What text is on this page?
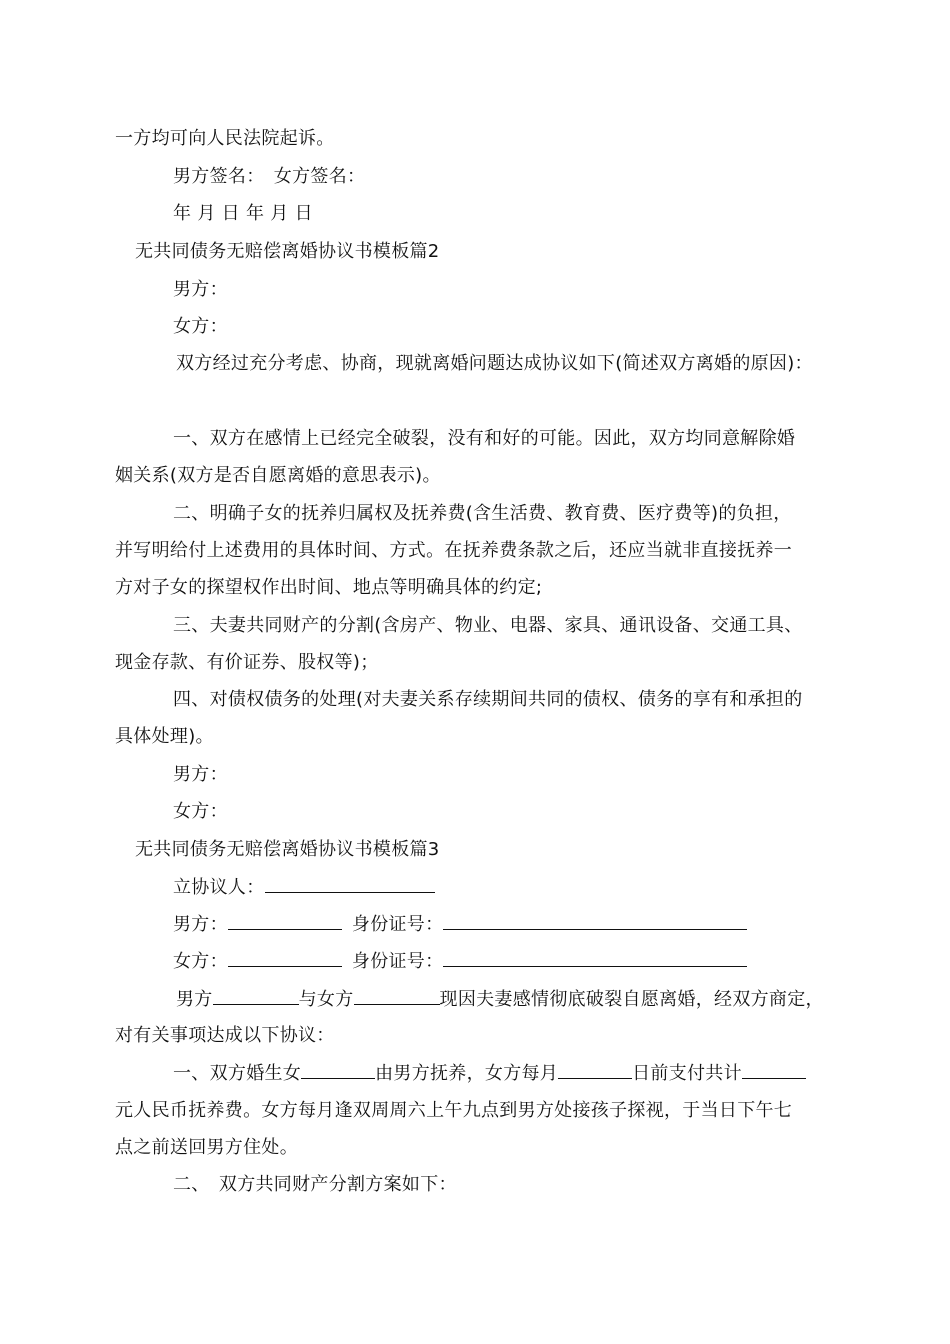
一方均可向人民法院起诉。
男方签名：　女方签名：
年 月 日 年 月 日
无共同债务无赔偿离婚协议书模板篇2
男方：
女方：
双方经过充分考虑、协商，现就离婚问题达成协议如下(简述双方离婚的原因)：
一、双方在感情上已经完全破裂，没有和好的可能。因此，双方均同意解除婚
姻关系(双方是否自愿离婚的意思表示)。
二、明确子女的抚养归属权及抚养费(含生活费、教育费、医疗费等)的负担，
并写明给付上述费用的具体时间、方式。在抚养费条款之后，还应当就非直接抚养一
方对子女的探望权作出时间、地点等明确具体的约定;
三、夫妻共同财产的分割(含房产、物业、电器、家具、通讯设备、交通工具、
现金存款、有价证券、股权等)；
四、对债权债务的处理(对夫妻关系存续期间共同的债权、债务的享有和承担的
具体处理)。
男方：
女方：
无共同债务无赔偿离婚协议书模板篇3
立协议人：
男方：	身份证号：
女方：	身份证号：
男方	与女方	现因夫妻感情彻底破裂自愿离婚，经双方商定，
对有关事项达成以下协议：
一、双方婚生女	由男方抚养，女方每月	日前支付共计
元人民币抚养费。女方每月逢双周周六上午九点到男方处接孩子探视，于当日下午七
点之前送回男方住处。
二、　双方共同财产分割方案如下：
